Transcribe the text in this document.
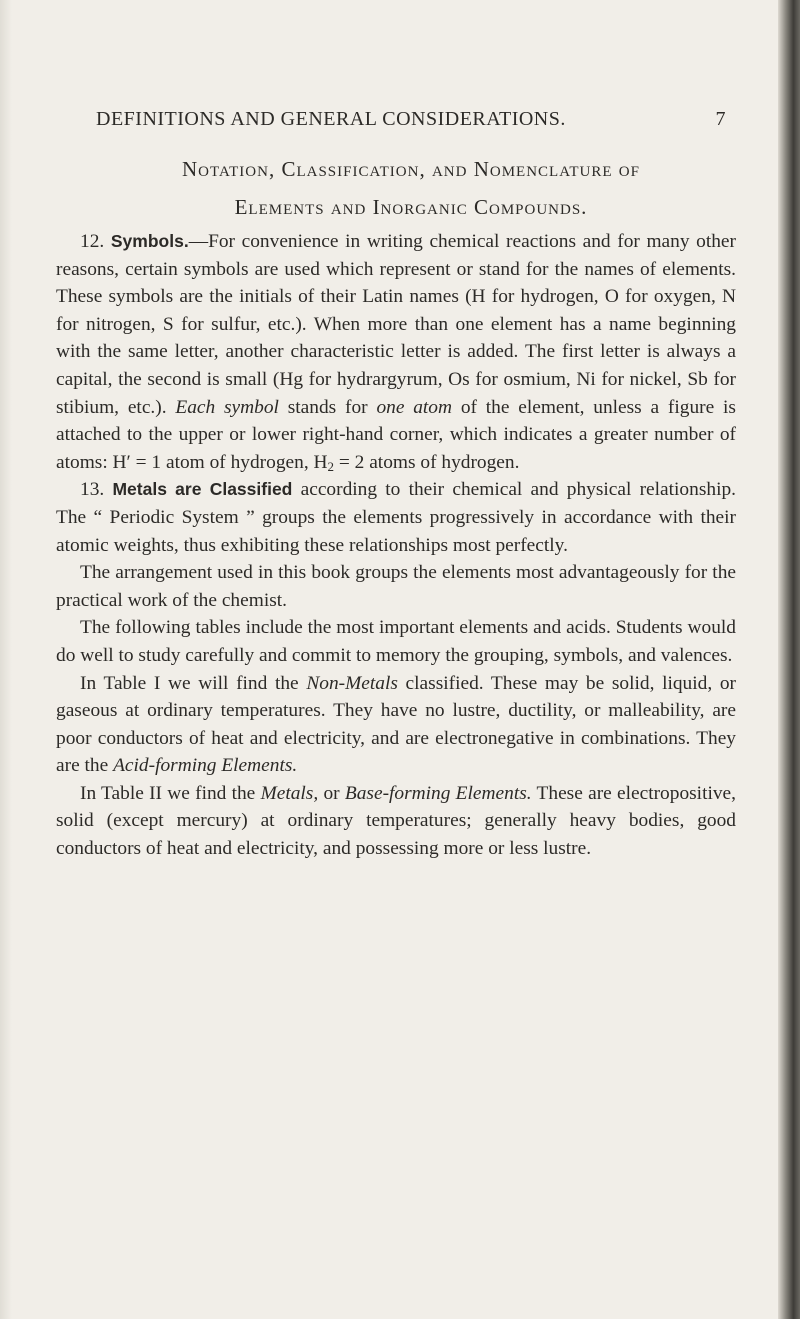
DEFINITIONS AND GENERAL CONSIDERATIONS.	7
Notation, Classification, and Nomenclature of
Elements and Inorganic Compounds.

12. Symbols.—For convenience in writing chemical reactions and for many other reasons, certain symbols are used which represent or stand for the names of elements. These symbols are the initials of their Latin names (H for hydrogen, O for oxygen, N for nitrogen, S for sulfur, etc.). When more than one element has a name beginning with the same letter, another characteristic letter is added. The first letter is always a capital, the second is small (Hg for hydrargyrum, Os for osmium, Ni for nickel, Sb for stibium, etc.). Each symbol stands for one atom of the element, unless a figure is attached to the upper or lower right-hand corner, which indicates a greater number of atoms: H′ = 1 atom of hydrogen, $H_2 = 2$ atoms of hydrogen.

13. Metals are Classified according to their chemical and physical relationship. The “ Periodic System ” groups the elements progressively in accordance with their atomic weights, thus exhibiting these relationships most perfectly.

The arrangement used in this book groups the elements most advantageously for the practical work of the chemist.

The following tables include the most important elements and acids. Students would do well to study carefully and commit to memory the grouping, symbols, and valences.

In Table I we will find the Non-Metals classified. These may be solid, liquid, or gaseous at ordinary temperatures. They have no lustre, ductility, or malleability, are poor conductors of heat and electricity, and are electronegative in combinations. They are the Acid-forming Elements.

In Table II we find the Metals, or Base-forming Elements. These are electropositive, solid (except mercury) at ordinary temperatures; generally heavy bodies, good conductors of heat and electricity, and possessing more or less lustre.
